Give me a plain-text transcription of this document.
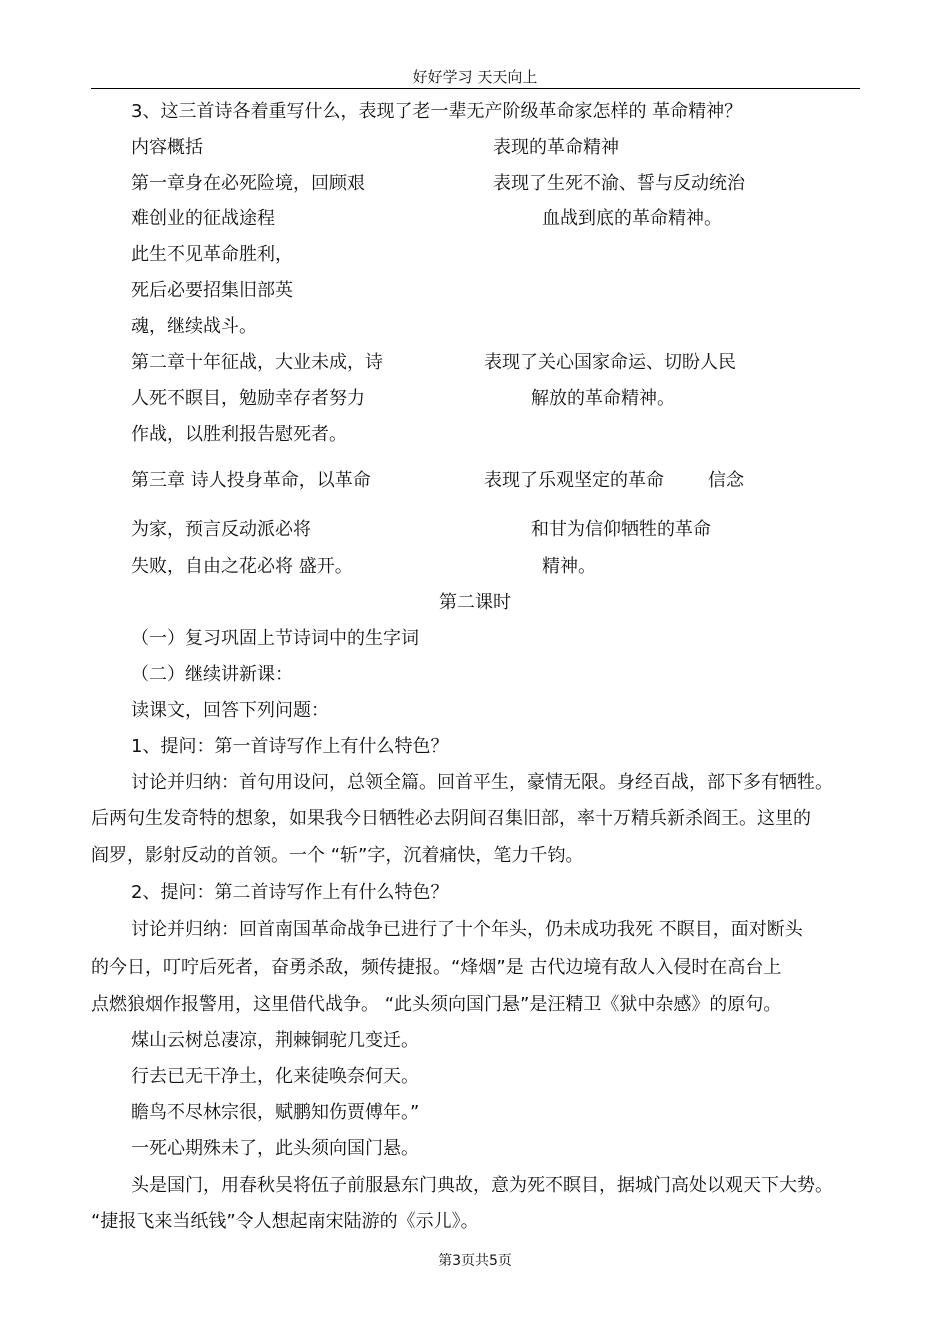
好好学习 天天向上
3、这三首诗各着重写什么，表现了老一辈无产阶级革命家怎样的 革命精神？
内容概括	表现的革命精神
第一章身在必死险境，回顾艰	表现了生死不渝、誓与反动统治
难创业的征战途程	血战到底的革命精神。
此生不见革命胜利，
死后必要招集旧部英
魂，继续战斗。
第二章十年征战，大业未成，诗	表现了关心国家命运、切盼人民
人死不瞑目，勉励幸存者努力	解放的革命精神。
作战，以胜利报告慰死者。
第三章 诗人投身革命，以革命	表现了乐观坚定的革命 信念
为家，预言反动派必将	和甘为信仰牺牲的革命
失败，自由之花必将 盛开。	精神。
第二课时
（一）复习巩固上节诗词中的生字词
（二）继续讲新课：
读课文，回答下列问题：
1、提问：第一首诗写作上有什么特色？
讨论并归纳：首句用设问，总领全篇。回首平生，豪情无限。身经百战，部下多有牺牲。
后两句生发奇特的想象，如果我今日牺牲必去阴间召集旧部，率十万精兵新杀阎王。这里的
阎罗，影射反动的首领。一个 “斩”字，沉着痛快，笔力千钧。
2、提问：第二首诗写作上有什么特色？
讨论并归纳：回首南国革命战争已进行了十个年头，仍未成功我死 不瞑目，面对断头
的今日，叮咛后死者，奋勇杀敌，频传捷报。“烽烟”是 古代边境有敌人入侵时在高台上
点燃狼烟作报警用，这里借代战争。 “此头须向国门悬”是汪精卫《狱中杂感》的原句。
煤山云树总凄凉，荆棘铜驼几变迁。
行去已无干净土，化来徒唤奈何天。
瞻鸟不尽林宗很，赋鹏知伤贾傅年。”
一死心期殊未了，此头须向国门悬。
头是国门，用春秋吴将伍子前服悬东门典故，意为死不瞑目，据城门高处以观天下大势。
“捷报飞来当纸钱”令人想起南宋陆游的《示儿》。
第3页共5页
